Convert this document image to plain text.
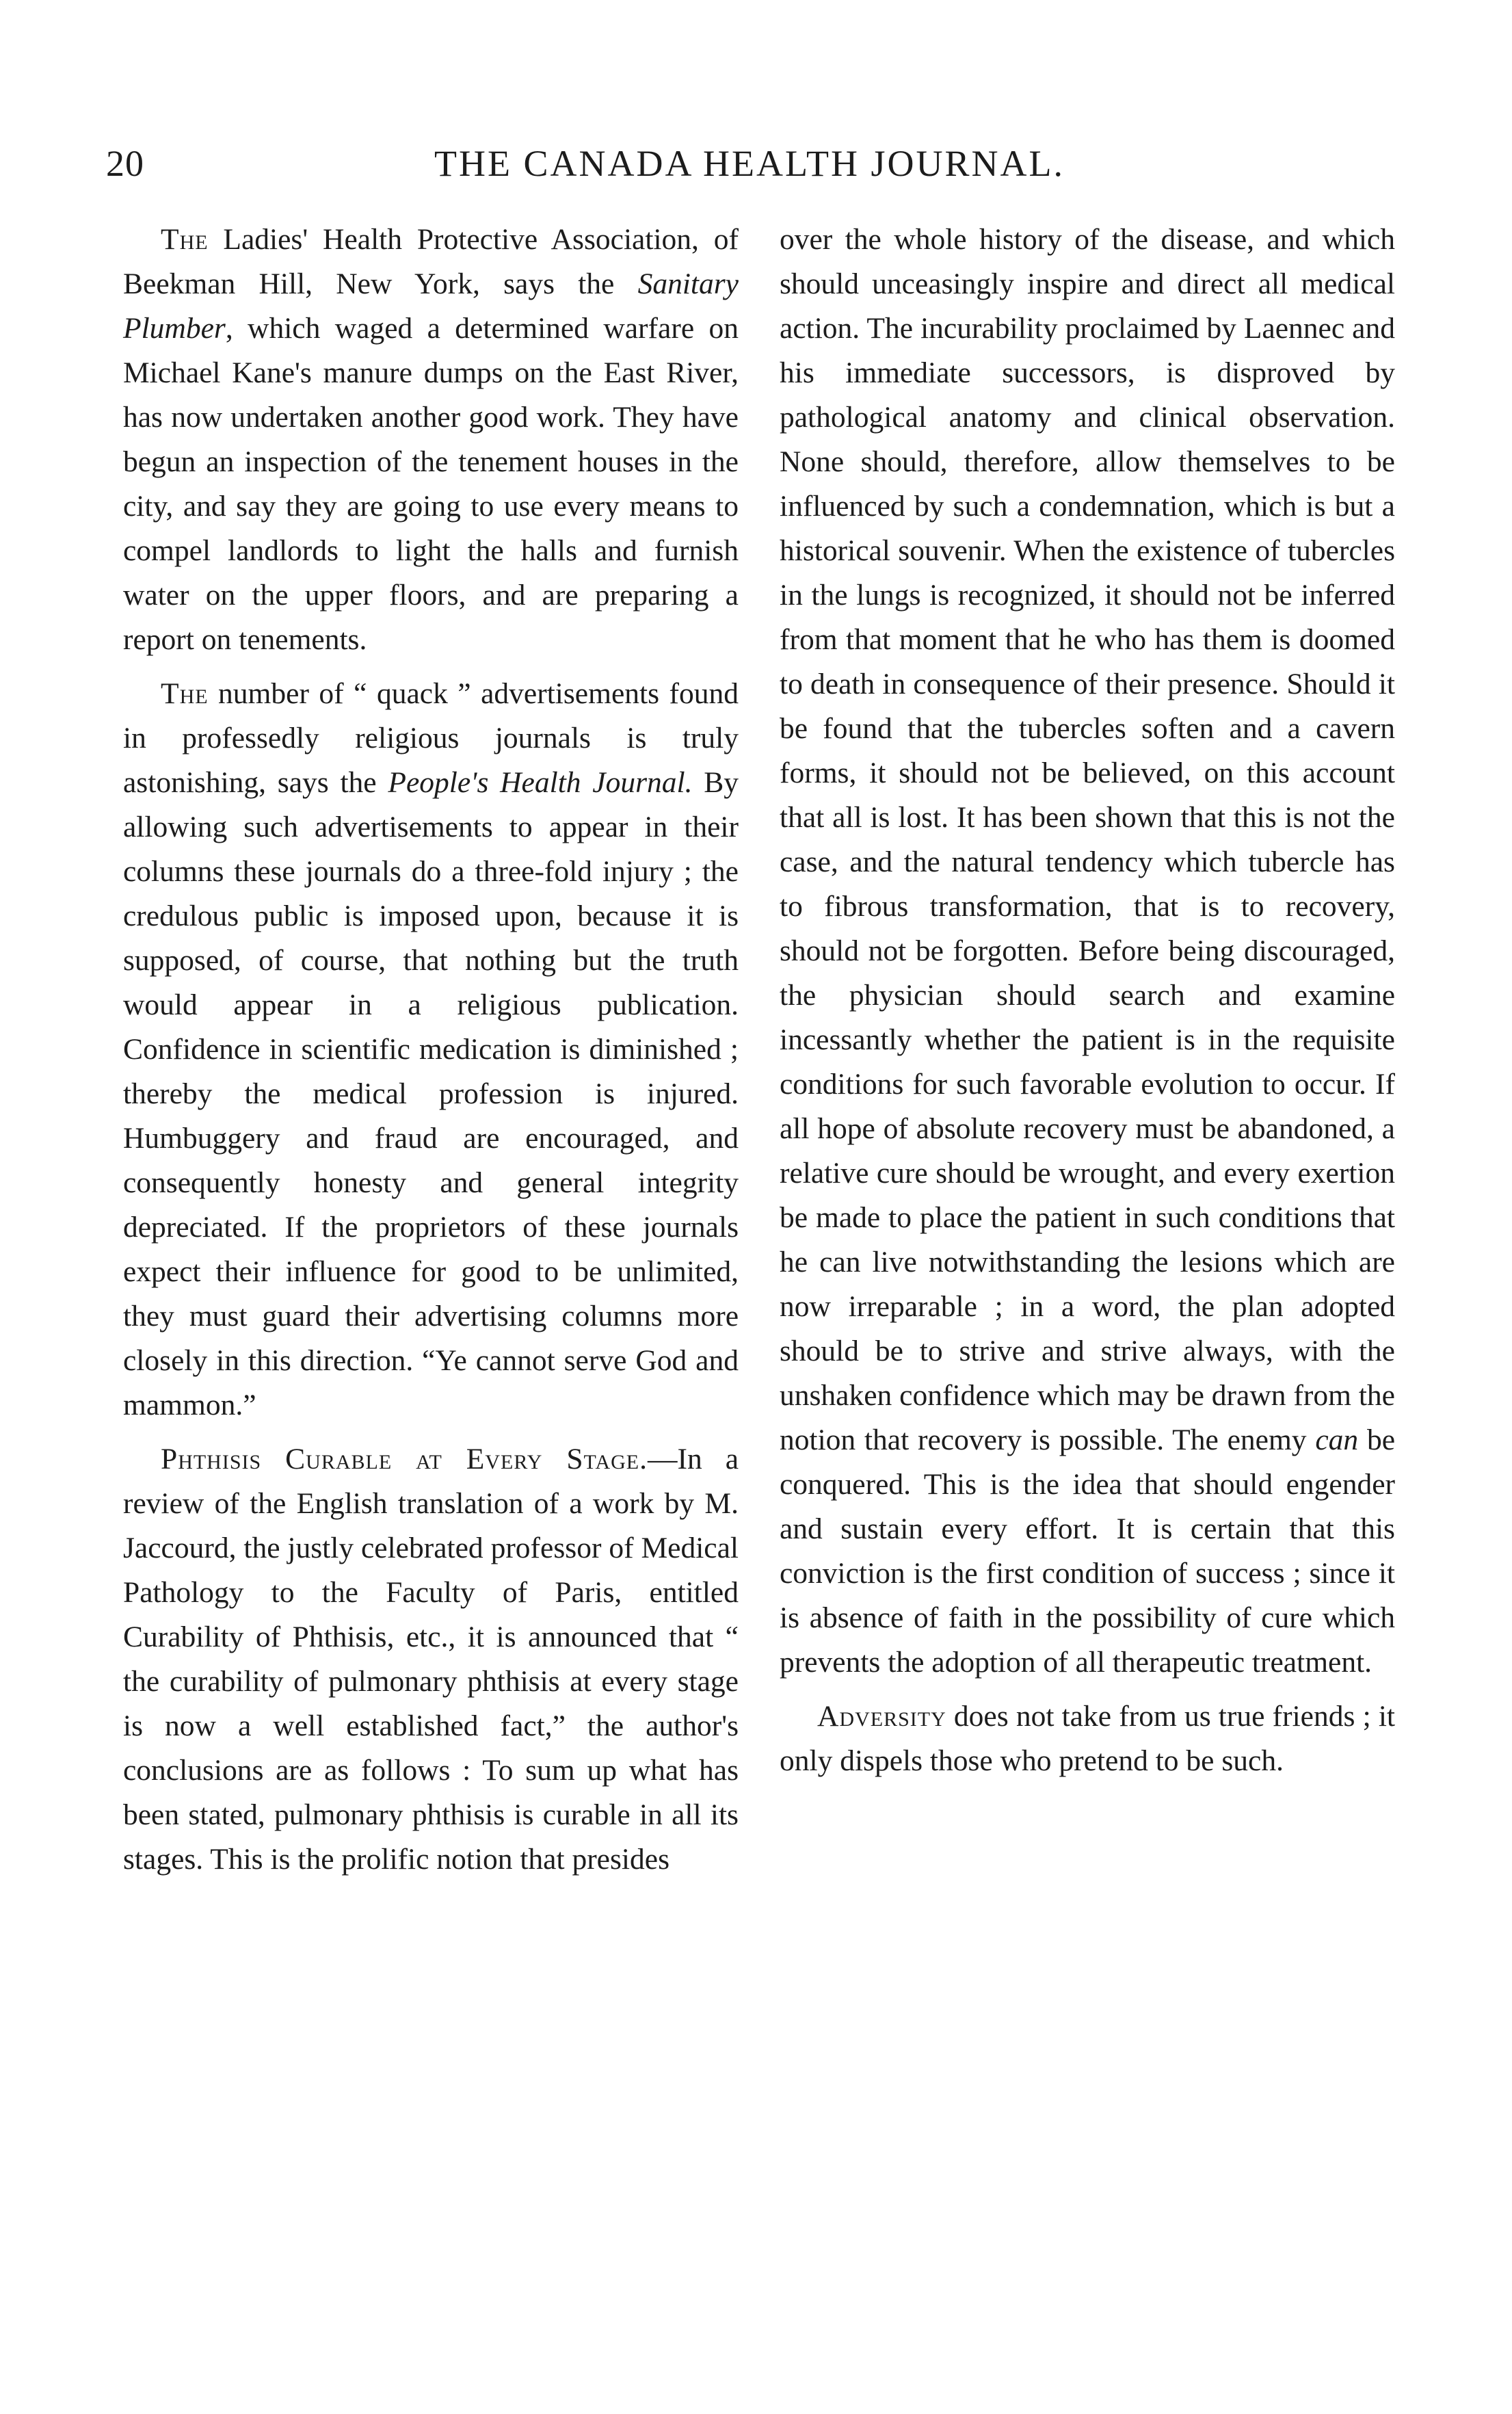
20	THE CANADA HEALTH JOURNAL.

The Ladies' Health Protective Association, of Beekman Hill, New York, says the Sanitary Plumber, which waged a determined warfare on Michael Kane's manure dumps on the East River, has now undertaken another good work. They have begun an inspection of the tenement houses in the city, and say they are going to use every means to compel landlords to light the halls and furnish water on the upper floors, and are preparing a report on tenements.

The number of “ quack ” advertisements found in professedly religious journals is truly astonishing, says the People's Health Journal. By allowing such advertisements to appear in their columns these journals do a three-fold injury ; the credulous public is imposed upon, because it is supposed, of course, that nothing but the truth would appear in a religious publication. Confidence in scientific medication is diminished ; thereby the medical profession is injured. Humbuggery and fraud are encouraged, and consequently honesty and general integrity depreciated. If the proprietors of these journals expect their influence for good to be unlimited, they must guard their advertising columns more closely in this direction. “Ye cannot serve God and mammon.”

Phthisis Curable at Every Stage.—In a review of the English translation of a work by M. Jaccourd, the justly celebrated professor of Medical Pathology to the Faculty of Paris, entitled Curability of Phthisis, etc., it is announced that “ the curability of pulmonary phthisis at every stage is now a well established fact,” the author's conclusions are as follows : To sum up what has been stated, pulmonary phthisis is curable in all its stages. This is the prolific notion that presides

over the whole history of the disease, and which should unceasingly inspire and direct all medical action. The incurability proclaimed by Laennec and his immediate successors, is disproved by pathological anatomy and clinical observation. None should, therefore, allow themselves to be influenced by such a condemnation, which is but a historical souvenir. When the existence of tubercles in the lungs is recognized, it should not be inferred from that moment that he who has them is doomed to death in consequence of their presence. Should it be found that the tubercles soften and a cavern forms, it should not be believed, on this account that all is lost. It has been shown that this is not the case, and the natural tendency which tubercle has to fibrous transformation, that is to recovery, should not be forgotten. Before being discouraged, the physician should search and examine incessantly whether the patient is in the requisite conditions for such favorable evolution to occur. If all hope of absolute recovery must be abandoned, a relative cure should be wrought, and every exertion be made to place the patient in such conditions that he can live notwithstanding the lesions which are now irreparable ; in a word, the plan adopted should be to strive and strive always, with the unshaken confidence which may be drawn from the notion that recovery is possible. The enemy can be conquered. This is the idea that should engender and sustain every effort. It is certain that this conviction is the first condition of success ; since it is absence of faith in the possibility of cure which prevents the adoption of all therapeutic treatment.

Adversity does not take from us true friends ; it only dispels those who pretend to be such.
